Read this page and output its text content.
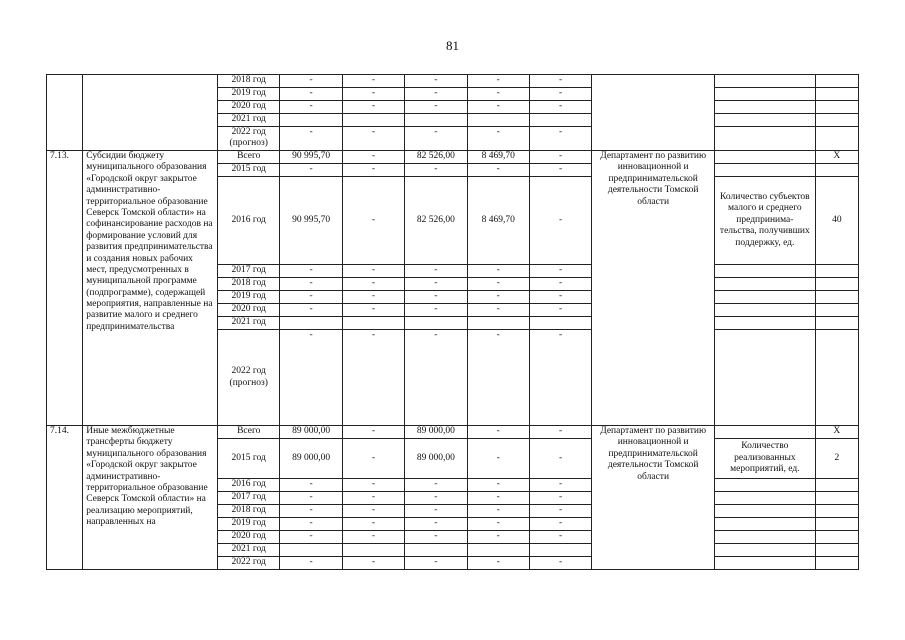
81
		2018 год	-	-	-	-	-			
		2019 год	-	-	-	-	-			
		2020 год	-	-	-	-	-			
		2021 год								
		2022 год (прогноз)	-	-	-	-	-			
7.13.	Субсидии бюджету муниципального образования «Городской округ закрытое административно-территориальное образование Северск Томской области» на софинансирование расходов на формирование условий для развития предпринимательства и создания новых рабочих мест, предусмотренных в муниципальной программе (подпрограмме), содержащей мероприятия, направленные на развитие малого и среднего предпринимательства	Всего	90 995,70	-	82 526,00	8 469,70	-	Департамент по развитию инновационной и предпринимательской деятельности Томской области		X
		2015 год	-	-	-	-	-			
		2016 год	90 995,70	-	82 526,00	8 469,70	-		Количество субъектов малого и среднего предпринима-тельства, получивших поддержку, ед.	40
		2017 год	-	-	-	-	-			
		2018 год	-	-	-	-	-			
		2019 год	-	-	-	-	-			
		2020 год	-	-	-	-	-			
		2021 год								
		2022 год (прогноз)	-	-	-	-	-			
7.14.	Иные межбюджетные трансферты бюджету муниципального образования «Городской округ закрытое административно-территориальное образование Северск Томской области» на реализацию мероприятий, направленных на	Всего	89 000,00	-	89 000,00	-	-	Департамент по развитию инновационной и предпринимательской деятельности Томской области		X
		2015 год	89 000,00	-	89 000,00	-	-		Количество реализованных мероприятий, ед.	2
		2016 год	-	-	-	-	-			
		2017 год	-	-	-	-	-			
		2018 год	-	-	-	-	-			
		2019 год	-	-	-	-	-			
		2020 год	-	-	-	-	-			
		2021 год								
		2022 год	-	-	-	-	-			
